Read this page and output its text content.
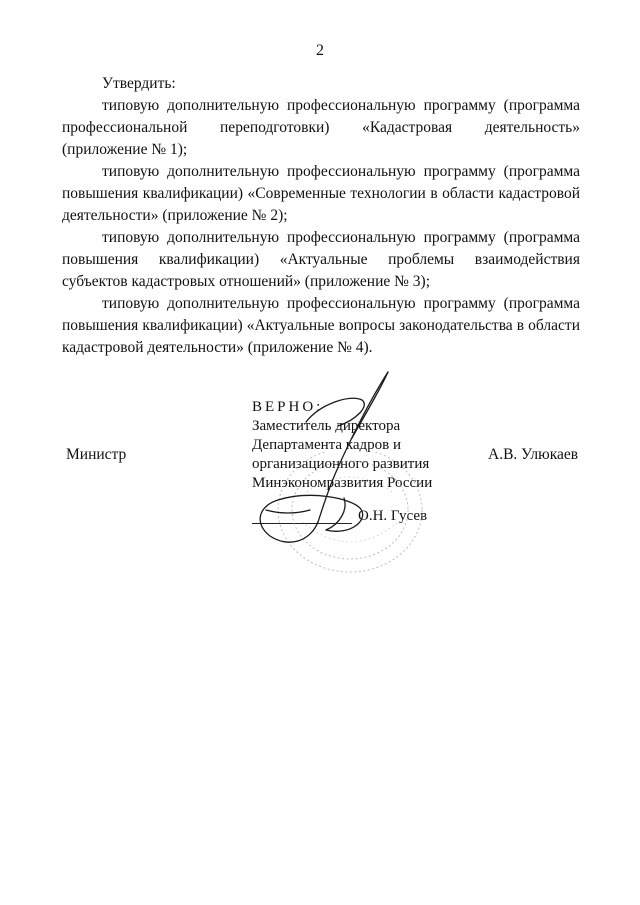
2

Утвердить:

типовую дополнительную профессиональную программу (программа профессиональной переподготовки) «Кадастровая деятельность» (приложение № 1);

типовую дополнительную профессиональную программу (программа повышения квалификации) «Современные технологии в области кадастровой деятельности» (приложение № 2);

типовую дополнительную профессиональную программу (программа повышения квалификации) «Актуальные проблемы взаимодействия субъектов кадастровых отношений» (приложение № 3);

типовую дополнительную профессиональную программу (программа повышения квалификации) «Актуальные вопросы законодательства в области кадастровой деятельности» (приложение № 4).

Министр	А.В. Улюкаев
ВЕРНО:
Заместитель директора
Департамента кадров и
организационного развития
Минэкономразвития России
О.Н. Гусев
